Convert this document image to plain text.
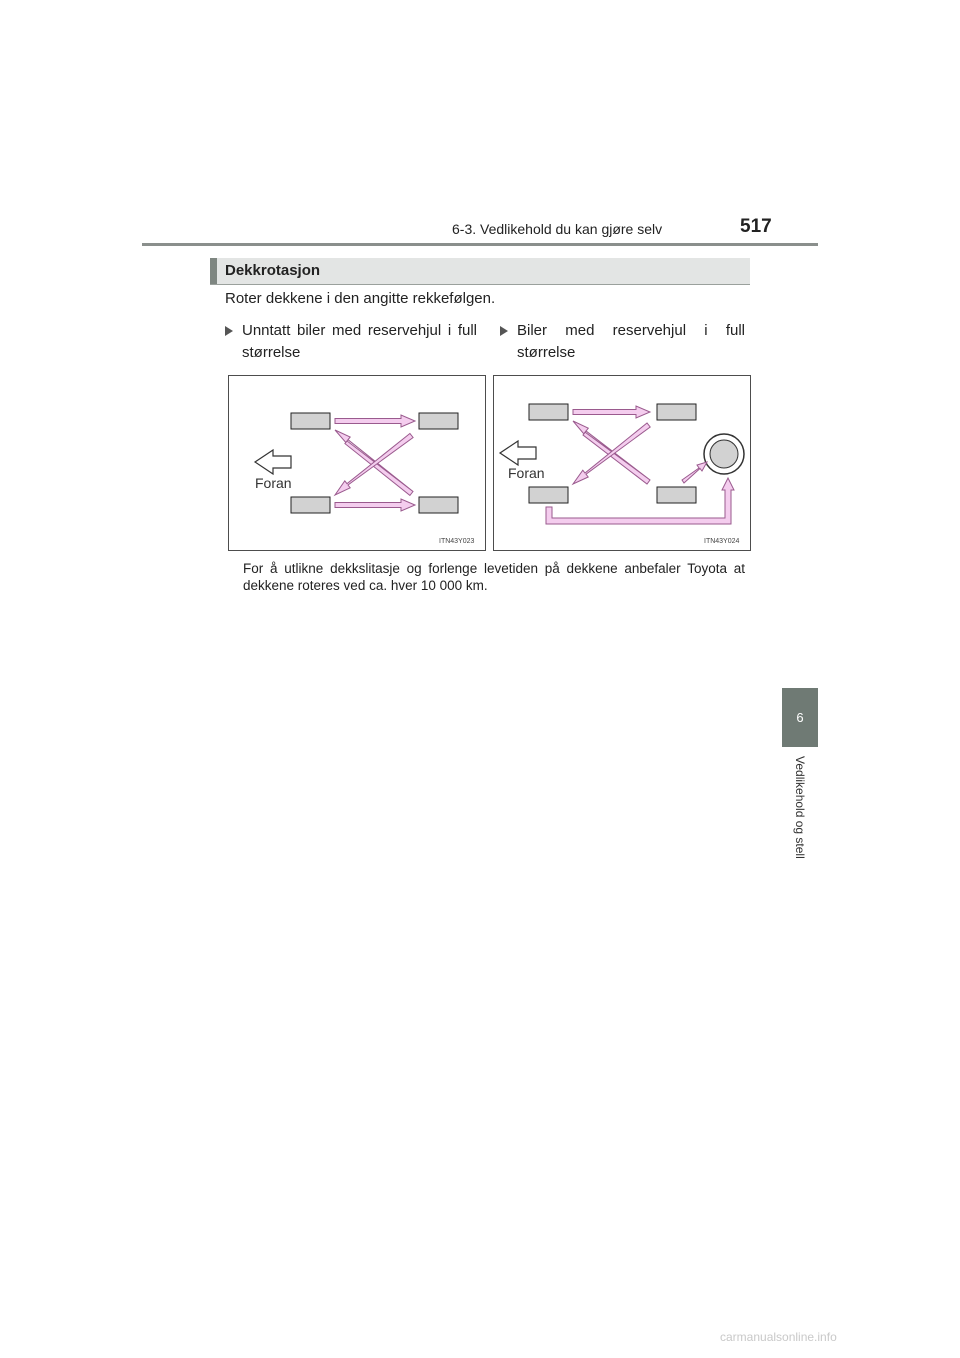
6-3. Vedlikehold du kan gjøre selv	517
6
Vedlikehold og stell
Dekkrotasjon
Roter dekkene i den angitte rekkefølgen.
Unntatt biler med reservehjul i full størrelse
Biler med reservehjul i full størrelse
Foran
ITN43Y023
Foran
ITN43Y024
For å utlikne dekkslitasje og forlenge levetiden på dekkene anbefaler Toyota at dekkene roteres ved ca. hver 10 000 km.
carmanualsonline.info
